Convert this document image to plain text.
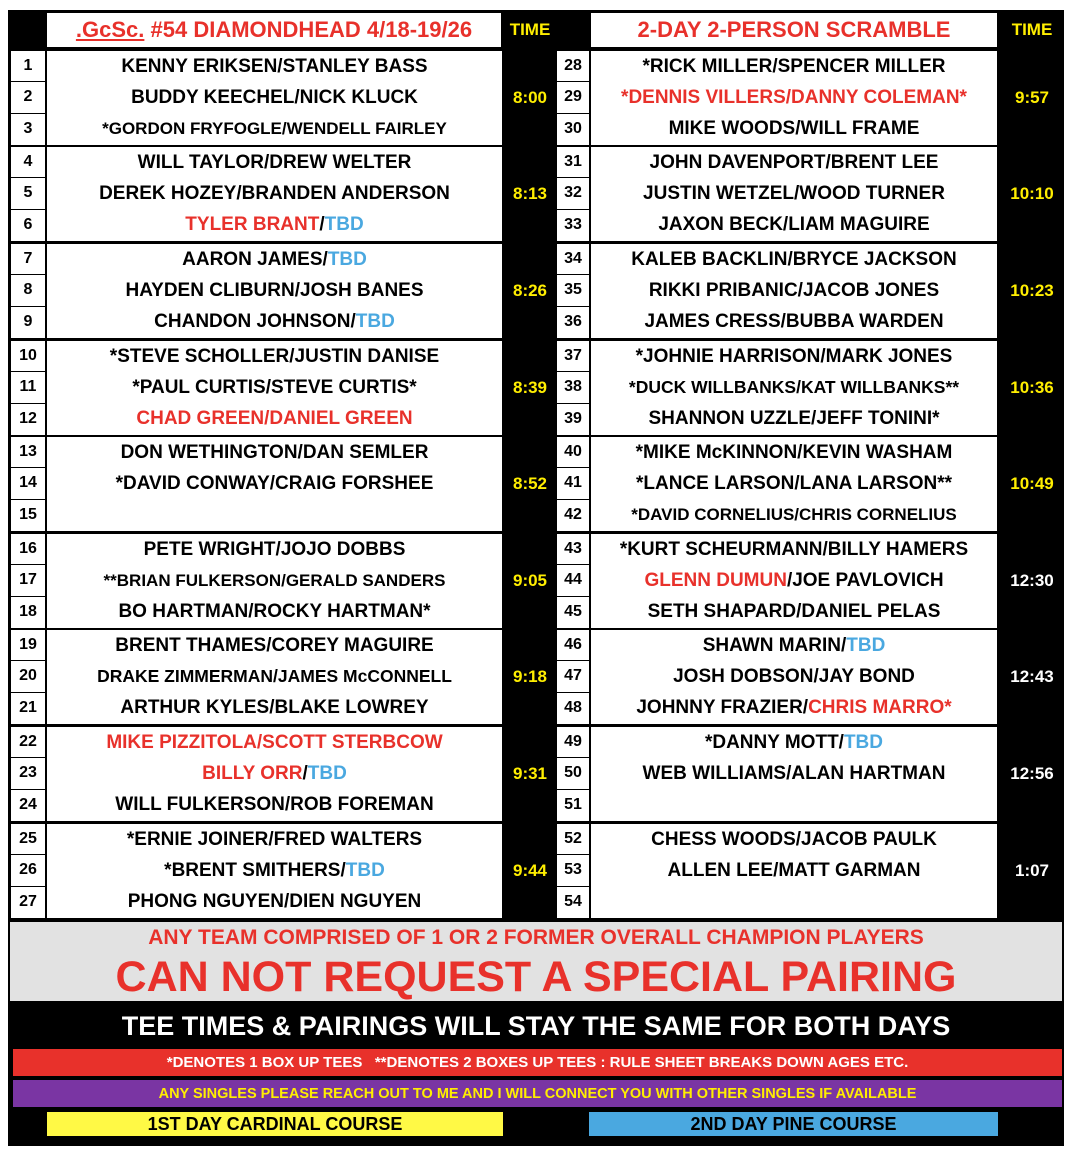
.GcSc.
#54 DIAMONDHEAD 4/18-19/26	TIME	2-DAY 2-PERSON SCRAMBLE	TIME
8:00
1	KENNY ERIKSEN/STANLEY BASS
2	BUDDY KEECHEL/NICK KLUCK
3	*GORDON FRYFOGLE/WENDELL FAIRLEY
8:13
4	WILL TAYLOR/DREW WELTER
5	DEREK HOZEY/BRANDEN ANDERSON
6	TYLER BRANT / TBD
8:26
7	AARON JAMES/ TBD
8	HAYDEN CLIBURN/JOSH BANES
9	CHANDON JOHNSON/ TBD
8:39
10	*STEVE SCHOLLER/JUSTIN DANISE
11	*PAUL CURTIS/STEVE CURTIS*
12	CHAD GREEN/DANIEL GREEN
8:52
13	DON WETHINGTON/DAN SEMLER
14	*DAVID CONWAY/CRAIG FORSHEE
15
9:05
16	PETE WRIGHT/JOJO DOBBS
17	**BRIAN FULKERSON/GERALD SANDERS
18	BO HARTMAN/ROCKY HARTMAN*
9:18
19	BRENT THAMES/COREY MAGUIRE
20	DRAKE ZIMMERMAN/JAMES McCONNELL
21	ARTHUR KYLES/BLAKE LOWREY
9:31
22	MIKE PIZZITOLA/SCOTT STERBCOW
23	BILLY ORR / TBD
24	WILL FULKERSON/ROB FOREMAN
9:44
25	*ERNIE JOINER/FRED WALTERS
26	*BRENT SMITHERS/ TBD
27	PHONG NGUYEN/DIEN NGUYEN
9:57
28	*RICK MILLER/SPENCER MILLER
29	*DENNIS VILLERS/DANNY COLEMAN*
30	MIKE WOODS/WILL FRAME
10:10
31	JOHN DAVENPORT/BRENT LEE
32	JUSTIN WETZEL/WOOD TURNER
33	JAXON BECK/LIAM MAGUIRE
10:23
34	KALEB BACKLIN/BRYCE JACKSON
35	RIKKI PRIBANIC/JACOB JONES
36	JAMES CRESS/BUBBA WARDEN
10:36
37	*JOHNIE HARRISON/MARK JONES
38	*DUCK WILLBANKS/KAT WILLBANKS**
39	SHANNON UZZLE/JEFF TONINI*
10:49
40	*MIKE McKINNON/KEVIN WASHAM
41	*LANCE LARSON/LANA LARSON**
42	*DAVID CORNELIUS/CHRIS CORNELIUS
12:30
43	*KURT SCHEURMANN/BILLY HAMERS
44	GLENN DUMUN /JOE PAVLOVICH
45	SETH SHAPARD/DANIEL PELAS
12:43
46	SHAWN MARIN/ TBD
47	JOSH DOBSON/JAY BOND
48	JOHNNY FRAZIER/ CHRIS MARRO*
12:56
49	*DANNY MOTT/ TBD
50	WEB WILLIAMS/ALAN HARTMAN
51
1:07
52	CHESS WOODS/JACOB PAULK
53	ALLEN LEE/MATT GARMAN
54
ANY TEAM COMPRISED OF 1 OR 2 FORMER OVERALL CHAMPION PLAYERS
CAN NOT REQUEST A SPECIAL PAIRING
TEE TIMES & PAIRINGS WILL STAY THE SAME FOR BOTH DAYS
*DENOTES 1 BOX UP TEES   **DENOTES 2 BOXES UP TEES : RULE SHEET BREAKS DOWN AGES ETC.
ANY SINGLES PLEASE REACH OUT TO ME AND I WILL CONNECT YOU WITH OTHER SINGLES IF AVAILABLE
1ST DAY CARDINAL COURSE	2ND DAY PINE COURSE
